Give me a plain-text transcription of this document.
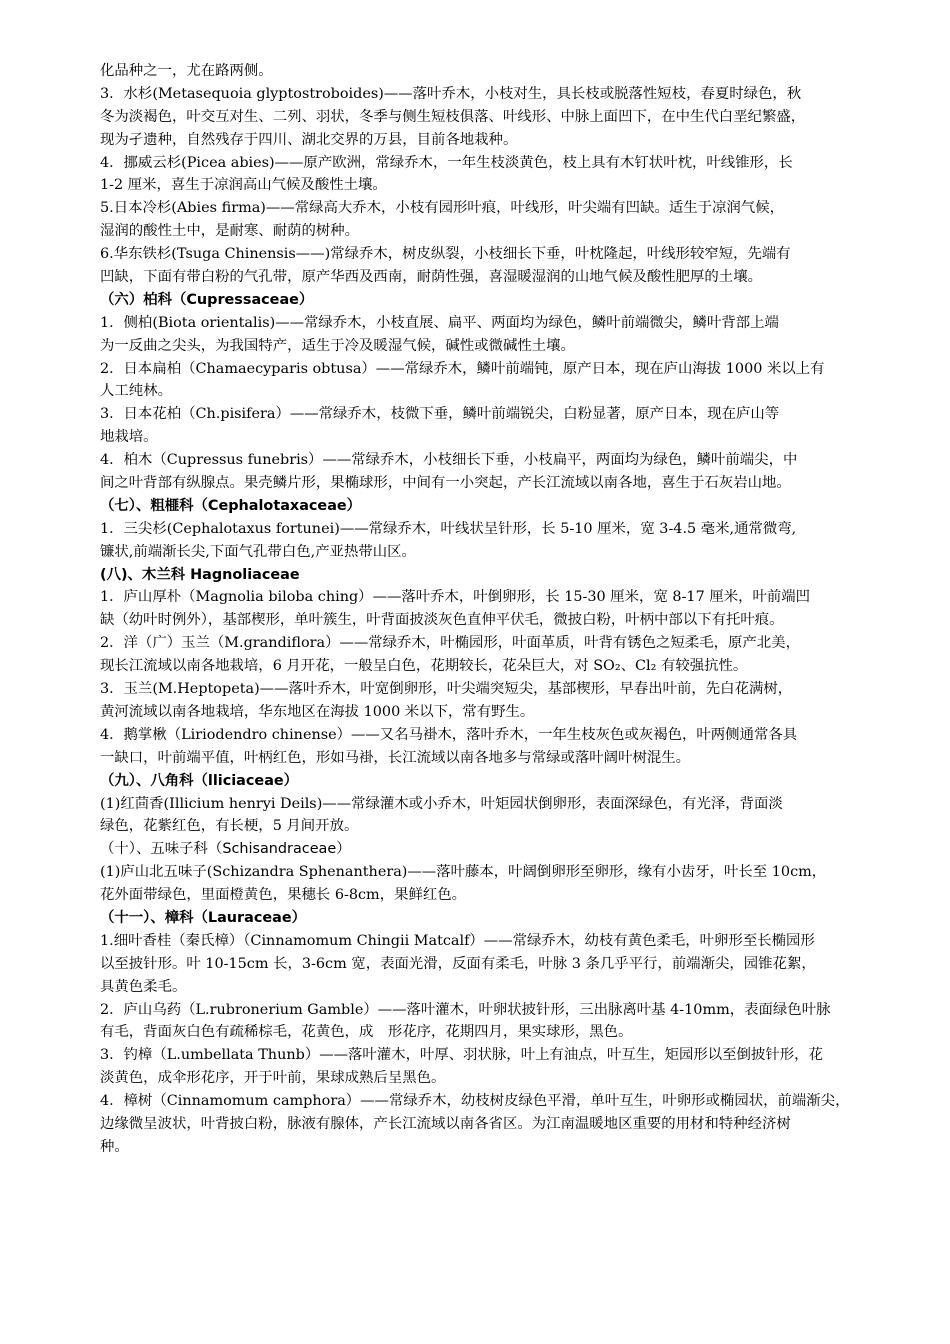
化品种之一，尤在路两侧。
3．水杉(Metasequoia glyptostroboides)——落叶乔木，小枝对生，具长枝或脱落性短枝，春夏时绿色，秋
冬为淡褐色，叶交互对生、二列、羽状，冬季与侧生短枝俱落、叶线形、中脉上面凹下，在中生代白垩纪繁盛，
现为孑遗种，自然残存于四川、湖北交界的万县，目前各地栽种。
4．挪威云杉(Picea abies)——原产欧洲，常绿乔木，一年生枝淡黄色，枝上具有木钉状叶枕，叶线锥形，长
1-2 厘米，喜生于凉润高山气候及酸性土壤。
5.日本冷杉(Abies firma)——常绿高大乔木，小枝有园形叶痕，叶线形，叶尖端有凹缺。适生于凉润气候，
湿润的酸性土中，是耐寒、耐荫的树种。
6.华东铁杉(Tsuga Chinensis——)常绿乔木，树皮纵裂，小枝细长下垂，叶枕隆起，叶线形较窄短，先端有
凹缺，下面有带白粉的气孔带，原产华西及西南，耐荫性强，喜湿暖湿润的山地气候及酸性肥厚的土壤。
（六）柏科（Cupressaceae）
1．侧柏(Biota orientalis)——常绿乔木，小枝直展、扁平、两面均为绿色，鳞叶前端微尖，鳞叶背部上端
为一反曲之尖头，为我国特产，适生于冷及暖湿气候，碱性或微碱性土壤。
2．日本扁柏（Chamaecyparis obtusa）——常绿乔木，鳞叶前端钝，原产日本，现在庐山海拔 1000 米以上有
人工纯林。
3．日本花柏（Ch.pisifera）——常绿乔木，枝微下垂，鳞叶前端锐尖，白粉显著，原产日本，现在庐山等
地栽培。
4．柏木（Cupressus funebris）——常绿乔木，小枝细长下垂，小枝扁平，两面均为绿色，鳞叶前端尖，中
间之叶背部有纵腺点。果壳鳞片形，果椭球形，中间有一小突起，产长江流域以南各地，喜生于石灰岩山地。
（七）、粗榧科（Cephalotaxaceae）
1．三尖杉(Cephalotaxus fortunei)——常绿乔木，叶线状呈针形，长 5-10 厘米，宽 3-4.5 毫米,通常微弯,
镰状,前端渐长尖,下面气孔带白色,产亚热带山区。
(八)、木兰科 Hagnoliaceae
1．庐山厚朴（Magnolia biloba ching）——落叶乔木，叶倒卵形，长 15-30 厘米，宽 8-17 厘米，叶前端凹
缺（幼叶时例外），基部楔形，单叶簇生，叶背面披淡灰色直伸平伏毛，微披白粉，叶柄中部以下有托叶痕。
2．洋（广）玉兰（M.grandiflora）——常绿乔木，叶椭园形，叶面革质，叶背有锈色之短柔毛，原产北美，
现长江流域以南各地栽培，6 月开花，一般呈白色，花期较长，花朵巨大，对 SO₂、Cl₂ 有较强抗性。
3．玉兰(M.Heptopeta)——落叶乔木，叶宽倒卵形，叶尖端突短尖，基部楔形，早春出叶前，先白花满树，
黄河流域以南各地栽培，华东地区在海拔 1000 米以下，常有野生。
4．鹅掌楸（Liriodendro chinense）——又名马褂木，落叶乔木，一年生枝灰色或灰褐色，叶两侧通常各具
一缺口，叶前端平值，叶柄红色，形如马褂，长江流域以南各地多与常绿或落叶阔叶树混生。
（九）、八角科（lliciaceae）
(1)红茴香(Illicium henryi Deils)——常绿灌木或小乔木，叶矩园状倒卵形，表面深绿色，有光泽，背面淡
绿色，花紫红色，有长梗，5 月间开放。
（十）、五味子科（Schisandraceae）
(1)庐山北五味子(Schizandra Sphenanthera)——落叶藤本，叶阔倒卵形至卵形，缘有小齿牙，叶长至 10cm，
花外面带绿色，里面橙黄色，果穗长 6-8cm，果鲜红色。
（十一）、樟科（Lauraceae）
1.细叶香桂（秦氏樟）（Cinnamomum Chingii Matcalf）——常绿乔木，幼枝有黄色柔毛，叶卵形至长椭园形
以至披针形。叶 10-15cm 长，3-6cm 宽，表面光滑，反面有柔毛，叶脉 3 条几乎平行，前端渐尖，园锥花絮，
具黄色柔毛。
2．庐山乌药（L.rubronerium Gamble）——落叶灌木，叶卵状披针形，三出脉离叶基 4-10mm，表面绿色叶脉
有毛，背面灰白色有疏稀棕毛，花黄色，成　形花序，花期四月，果实球形，黑色。
3．钓樟（L.umbellata Thunb）——落叶灌木，叶厚、羽状脉，叶上有油点，叶互生，矩园形以至倒披针形，花
淡黄色，成伞形花序，开于叶前，果球成熟后呈黑色。
4．樟树（Cinnamomum camphora）——常绿乔木，幼枝树皮绿色平滑，单叶互生，叶卵形或椭园状，前端渐尖，
边缘微呈波状，叶背披白粉，脉液有腺体，产长江流域以南各省区。为江南温暖地区重要的用材和特种经济树
种。
